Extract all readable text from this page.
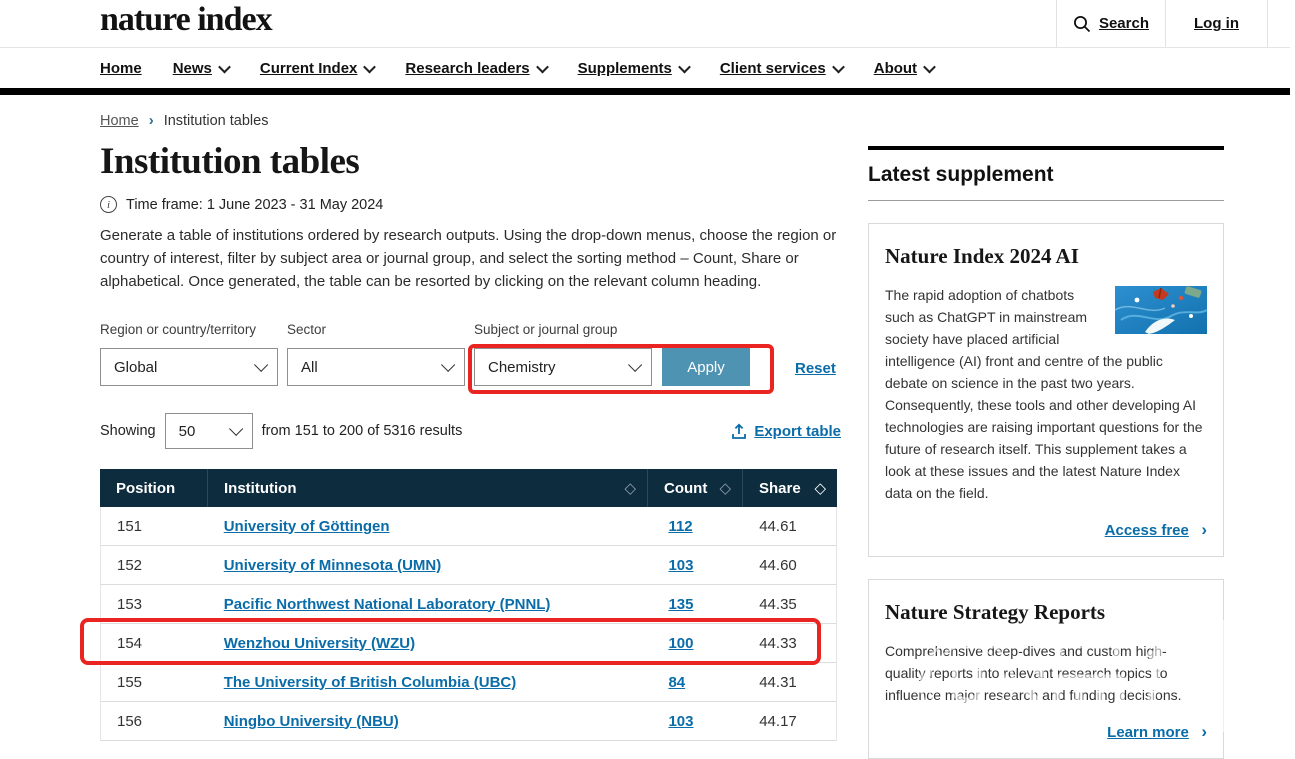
nature index	Search	Log in
Home News	Current Index	Research leaders	Supplements	Client services	About
Home › Institution tables
Institution tables
i	Time frame: 1 June 2023 - 31 May 2024

Generate a table of institutions ordered by research outputs. Using the drop-down menus, choose the region or country of interest, filter by subject area or journal group, and select the sorting method – Count, Share or alphabetical. Once generated, the table can be resorted by clicking on the relevant column heading.

Region or country/territory
Global
Sector
All
Subject or journal group
Chemistry	Apply	Reset
Showing 50	from 151 to 200 of 5316 results	Export table
Position	Institution	◇ Count ◇ Share ◇
151	University of Göttingen	112	44.61
152	University of Minnesota (UMN)	103	44.60
153	Pacific Northwest National Laboratory (PNNL)	135	44.35
154	Wenzhou University (WZU)	100	44.33
155	The University of British Columbia (UBC)	84	44.31
156	Ningbo University (NBU)	103	44.17
Latest supplement
Nature Index 2024 AI

The rapid adoption of chatbots such as ChatGPT in mainstream society have placed artificial intelligence (AI) front and centre of the public debate on science in the past two years. Consequently, these tools and other developing AI technologies are raising important questions for the future of research itself. This supplement takes a look at these issues and the latest Nature Index data on the field.

Access free ›
Nature Strategy Reports

Comprehensive deep-dives and custom high-quality reports into relevant research topics to influence major research and funding decisions.

Learn more ›
